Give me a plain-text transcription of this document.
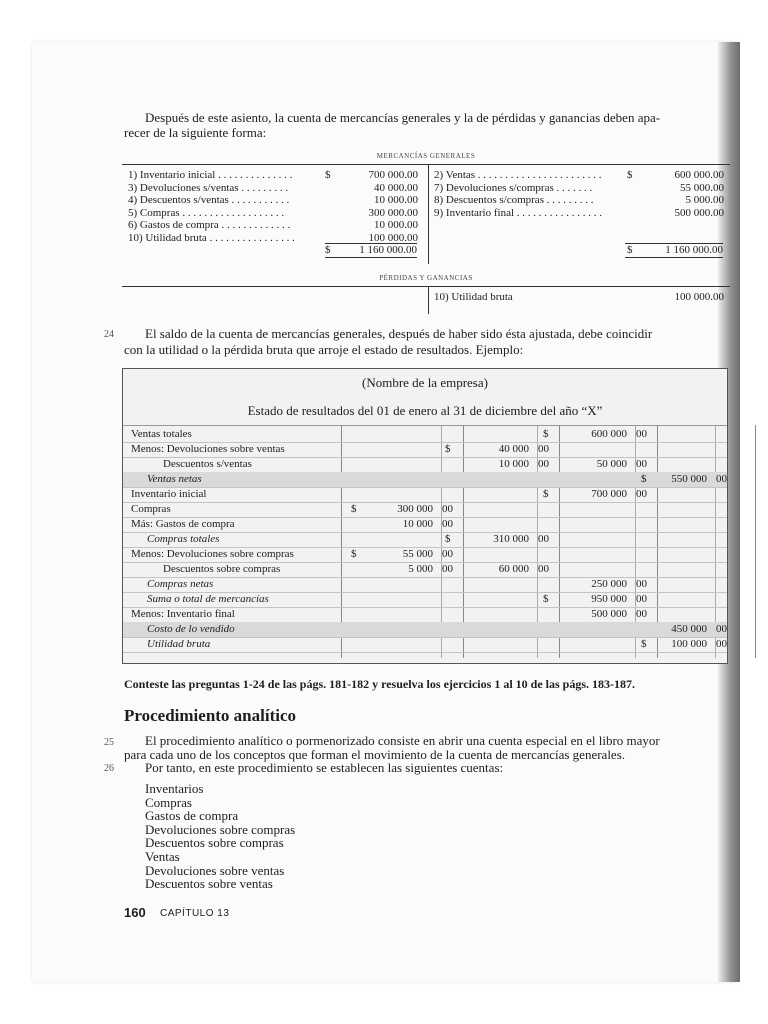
Después de este asiento, la cuenta de mercancías generales y la de pérdidas y ganancias deben apa-
recer de la siguiente forma:
MERCANCÍAS GENERALES
1) Inventario inicial . . . . . . . . . . . . . .	$	700 000.00
3) Devoluciones s/ventas . . . . . . . . .	40 000.00
4) Descuentos s/ventas . . . . . . . . . . .	10 000.00
5) Compras . . . . . . . . . . . . . . . . . . .	300 000.00
6) Gastos de compra . . . . . . . . . . . . .	10 000.00
10) Utilidad bruta . . . . . . . . . . . . . . . .	100 000.00
2) Ventas . . . . . . . . . . . . . . . . . . . . . . . $	600 000.00
7) Devoluciones s/compras . . . . . . .	55 000.00
8) Descuentos s/compras . . . . . . . . .	5 000.00
9) Inventario final . . . . . . . . . . . . . . . .	500 000.00
$	1 160 000.00	$	1 160 000.00
PÉRDIDAS Y GANANCIAS
10) Utilidad bruta	100 000.00
24 El saldo de la cuenta de mercancías generales, después de haber sido ésta ajustada, debe coincidir
con la utilidad o la pérdida bruta que arroje el estado de resultados. Ejemplo:
(Nombre de la empresa)
Estado de resultados del 01 de enero al 31 de diciembre del año “X”
Ventas totales	$	600 000 00
Menos: Devoluciones sobre ventas	$	40 000 00
Descuentos s/ventas	10 000 00	50 000 00
Ventas netas	$ 550 000 00
Inventario inicial	$	700 000 00
Compras	$	300 000 00
Más: Gastos de compra	10 000 00
Compras totales	$	310 000 00
Menos: Devoluciones sobre compras	$	55 000 00
Descuentos sobre compras	5 000 00	60 000 00
Compras netas	250 000 00
Suma o total de mercancías	$	950 000 00
Menos: Inventario final	500 000 00
Costo de lo vendido	450 000 00
Utilidad bruta	$ 100 000 00
Conteste las preguntas 1-24 de las págs. 181-182 y resuelva los ejercicios 1 al 10 de las págs. 183-187.
Procedimiento analítico
25 El procedimiento analítico o pormenorizado consiste en abrir una cuenta especial en el libro mayor
para cada uno de los conceptos que forman el movimiento de la cuenta de mercancías generales.
26 Por tanto, en este procedimiento se establecen las siguientes cuentas:
Inventarios
Compras
Gastos de compra
Devoluciones sobre compras
Descuentos sobre compras
Ventas
Devoluciones sobre ventas
Descuentos sobre ventas
160 CAPÍTULO 13
